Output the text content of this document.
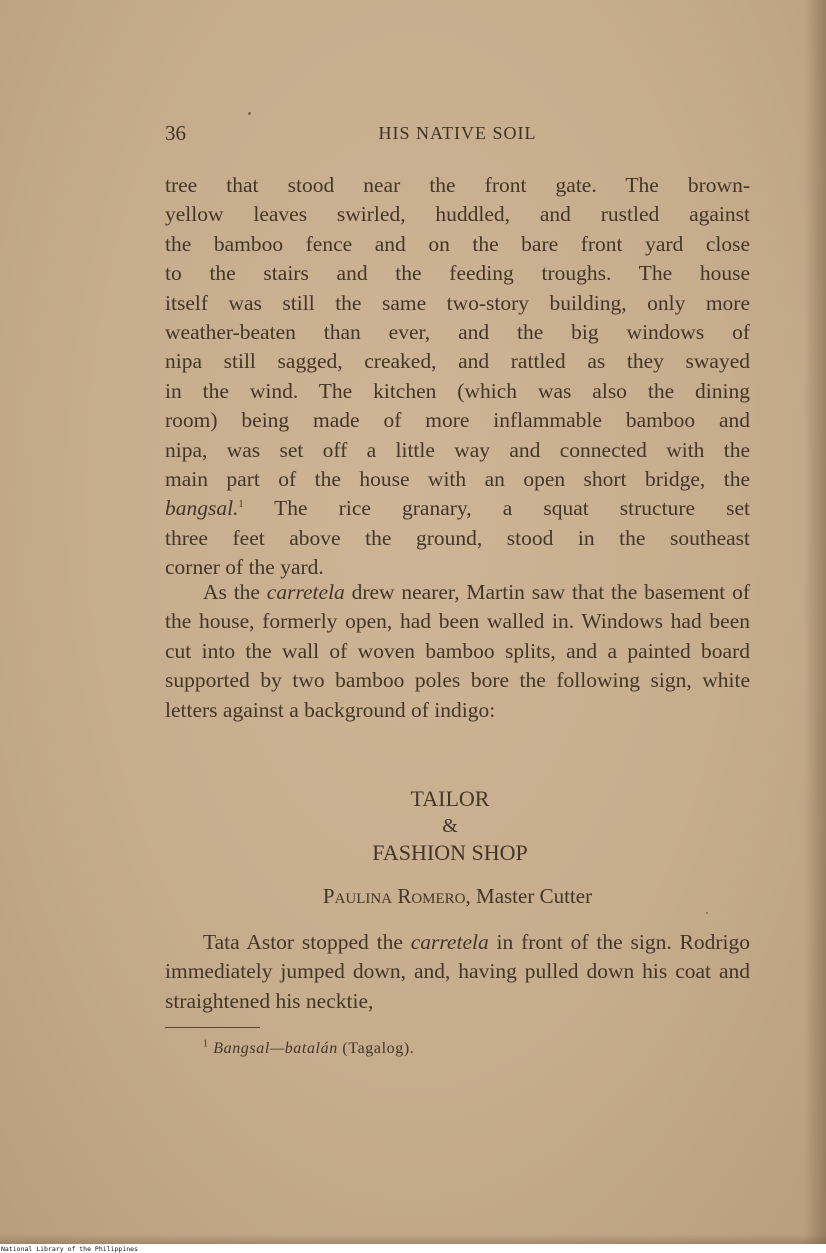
36	HIS NATIVE SOIL
tree that stood near the front gate. The brown-
yellow leaves swirled, huddled, and rustled against
the bamboo fence and on the bare front yard close
to the stairs and the feeding troughs. The house
itself was still the same two-story building, only more
weather-beaten than ever, and the big windows of
nipa still sagged, creaked, and rattled as they swayed
in the wind. The kitchen (which was also the dining
room) being made of more inflammable bamboo and
nipa, was set off a little way and connected with the
main part of the house with an open short bridge, the
bangsal.$^1$ The rice granary, a squat structure set
three feet above the ground, stood in the southeast
corner of the yard.
As the carretela drew nearer, Martin saw that the basement of the house, formerly open, had been walled in. Windows had been cut into the wall of woven bamboo splits, and a painted board supported by two bamboo poles bore the following sign, white letters against a background of indigo:
TAILOR
&
FASHION SHOP
Paulina Romero, Master Cutter
Tata Astor stopped the carretela in front of the sign. Rodrigo immediately jumped down, and, having pulled down his coat and straightened his necktie,
$^1$ Bangsal—batalán (Tagalog).
National Library of the Philippines
